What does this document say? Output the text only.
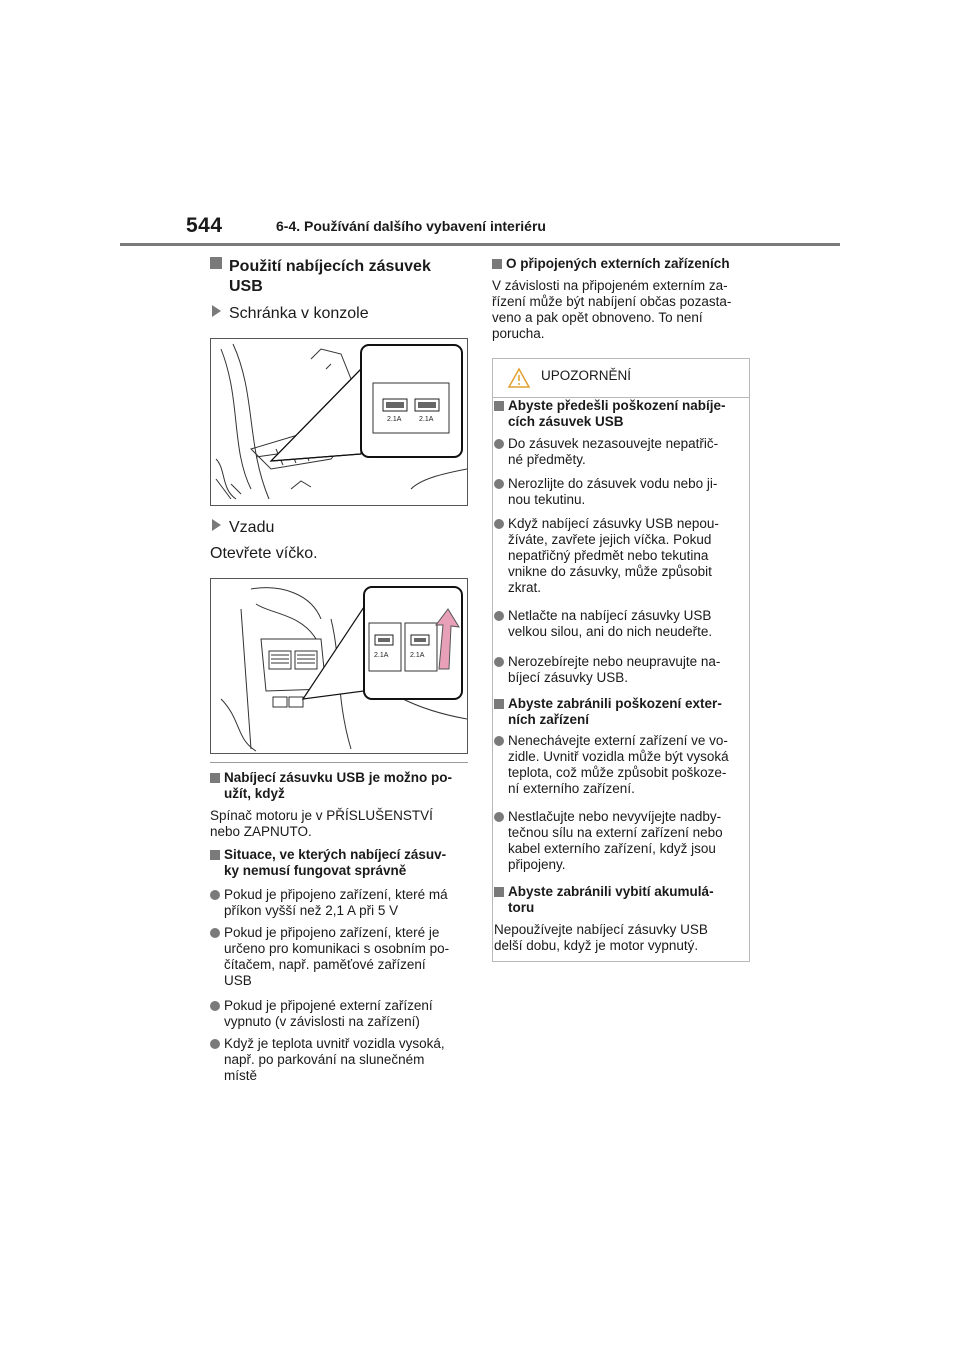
544	6-4. Používání dalšího vybavení interiéru
Použití nabíjecích zásuvek
USB
Schránka v konzole
2.1A	2.1A
Vzadu
Otevřete víčko.
2.1A	2.1A
Nabíjecí zásuvku USB je možno po-
užít, když
Spínač motoru je v PŘÍSLUŠENSTVÍ
nebo ZAPNUTO.
Situace, ve kterých nabíjecí zásuv-
ky nemusí fungovat správně
Pokud je připojeno zařízení, které má
příkon vyšší než 2,1 A při 5 V
Pokud je připojeno zařízení, které je
určeno pro komunikaci s osobním po-
čítačem, např. paměťové zařízení
USB
Pokud je připojené externí zařízení
vypnuto (v závislosti na zařízení)
Když je teplota uvnitř vozidla vysoká,
např. po parkování na slunečném
místě
O připojených externích zařízeních
V závislosti na připojeném externím za-
řízení může být nabíjení občas pozasta-
veno a pak opět obnoveno. To není
porucha.
UPOZORNĚNÍ
Abyste předešli poškození nabíje-
cích zásuvek USB
Do zásuvek nezasouvejte nepatřič-
né předměty.
Nerozlijte do zásuvek vodu nebo ji-
nou tekutinu.
Když nabíjecí zásuvky USB nepou-
žíváte, zavřete jejich víčka. Pokud
nepatřičný předmět nebo tekutina
vnikne do zásuvky, může způsobit
zkrat.
Netlačte na nabíjecí zásuvky USB
velkou silou, ani do nich neudeřte.
Nerozebírejte nebo neupravujte na-
bíjecí zásuvky USB.
Abyste zabránili poškození exter-
ních zařízení
Nenechávejte externí zařízení ve vo-
zidle. Uvnitř vozidla může být vysoká
teplota, což může způsobit poškoze-
ní externího zařízení.
Nestlačujte nebo nevyvíjejte nadby-
tečnou sílu na externí zařízení nebo
kabel externího zařízení, když jsou
připojeny.
Abyste zabránili vybití akumulá-
toru
Nepoužívejte nabíjecí zásuvky USB
delší dobu, když je motor vypnutý.
